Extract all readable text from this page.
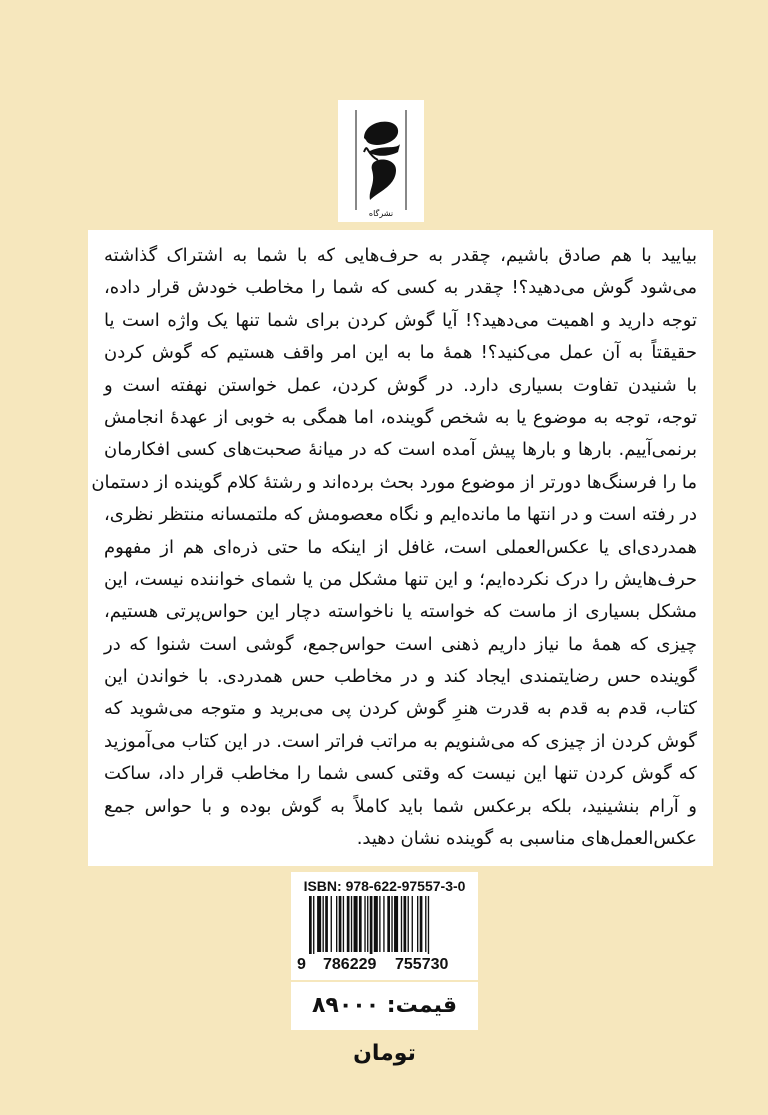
نشرگاه
بیایید با هم صادق باشیم، چقدر به حرف‌هایی که با شما به اشتراک گذاشته
می‌شود گوش می‌دهید؟! چقدر به کسی که شما را مخاطب خودش قرار داده،
توجه دارید و اهمیت می‌دهید؟! آیا گوش کردن برای شما تنها یک واژه است یا
حقیقتاً به آن عمل می‌کنید؟! همهٔ ما به این امر واقف هستیم که گوش کردن
با شنیدن تفاوت بسیاری دارد. در گوش کردن، عمل خواستن نهفته است و
توجه، توجه به موضوع یا به شخص گوینده، اما همگی به خوبی از عهدهٔ انجامش
برنمی‌آییم. بارها و بارها پیش آمده است که در میانهٔ صحبت‌های کسی افکارمان
ما را فرسنگ‌ها دورتر از موضوع مورد بحث برده‌اند و رشتهٔ کلام گوینده از دستمان
در رفته است و در انتها ما مانده‌ایم و نگاه معصومش که ملتمسانه منتظر نظری،
همدردی‌ای یا عکس‌العملی است، غافل از اینکه ما حتی ذره‌ای هم از مفهوم
حرف‌هایش را درک نکرده‌ایم؛ و این تنها مشکل من یا شمای خواننده نیست، این
مشکل بسیاری از ماست که خواسته یا ناخواسته دچار این حواس‌پرتی هستیم،
چیزی که همهٔ ما نیاز داریم ذهنی است حواس‌جمع، گوشی است شنوا که در
گوینده حس رضایتمندی ایجاد کند و در مخاطب حس همدردی. با خواندن این
کتاب، قدم به قدم به قدرت هنرِ گوش کردن پی می‌برید و متوجه می‌شوید که
گوش کردن از چیزی که می‌شنویم به مراتب فراتر است. در این کتاب می‌آموزید
که گوش کردن تنها این نیست که وقتی کسی شما را مخاطب قرار داد، ساکت
و آرام بنشینید، بلکه برعکس شما باید کاملاً به گوش بوده و با حواس جمع
عکس‌العمل‌های مناسبی به گوینده نشان دهید.
ISBN: 978-622-97557-3-0
9 786229 755730
قیمت: ۸۹۰۰۰ تومان
